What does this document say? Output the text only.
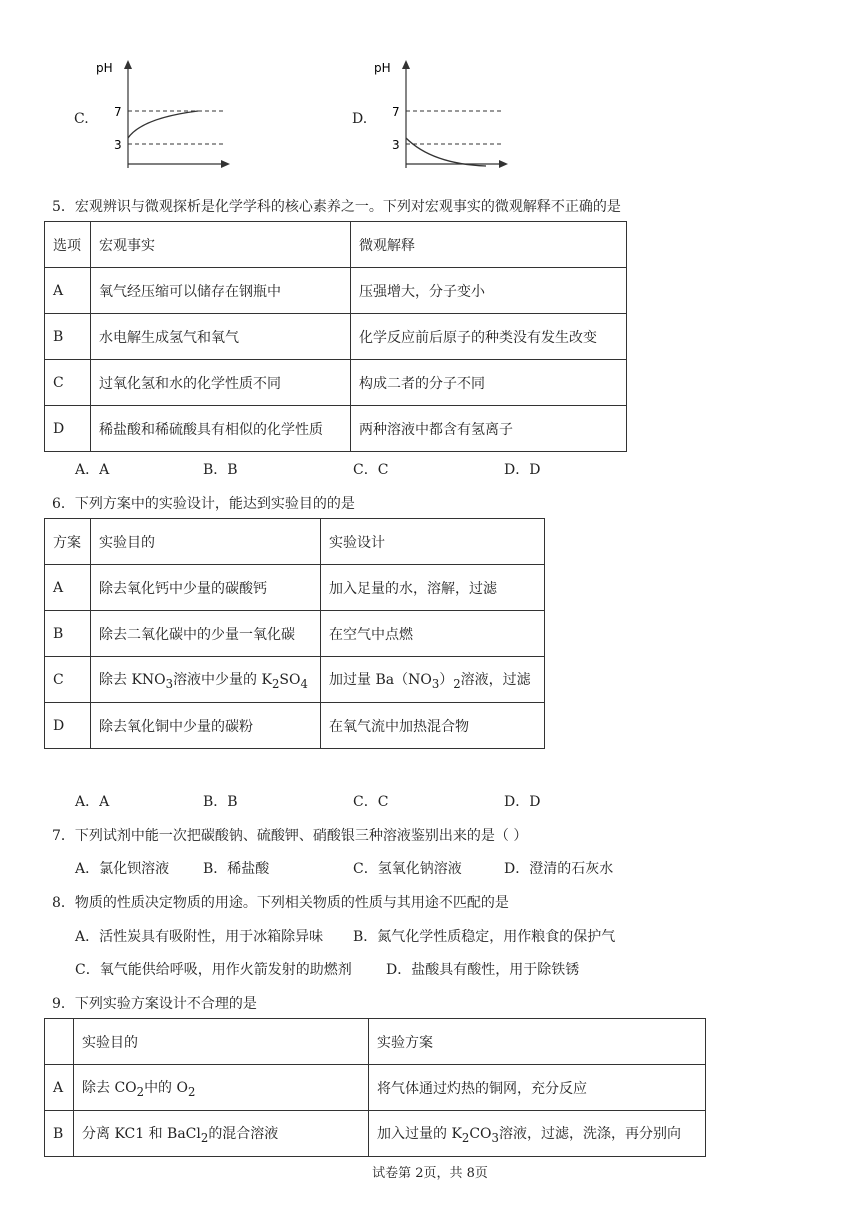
C.
pH
7
3
D.
pH
7
3
5．宏观辨识与微观探析是化学学科的核心素养之一。下列对宏观事实的微观解释不正确的是
选项	宏观事实	微观解释
A	氧气经压缩可以储存在钢瓶中	压强增大，分子变小
B	水电解生成氢气和氧气	化学反应前后原子的种类没有发生改变
C	过氧化氢和水的化学性质不同	构成二者的分子不同
D	稀盐酸和稀硫酸具有相似的化学性质	两种溶液中都含有氢离子
A．A	B．B	C．C	D．D
6．下列方案中的实验设计，能达到实验目的的是
方案	实验目的	实验设计
A	除去氧化钙中少量的碳酸钙	加入足量的水，溶解，过滤
B	除去二氧化碳中的少量一氧化碳	在空气中点燃
C	除去 $KNO_3$溶液中少量的 $K_2SO_4$	加过量 $Ba(NO_3)_2$溶液，过滤
D	除去氧化铜中少量的碳粉	在氧气流中加热混合物
A．A	B．B	C．C	D．D
7．下列试剂中能一次把碳酸钠、硫酸钾、硝酸银三种溶液鉴别出来的是（ ）
A．氯化钡溶液 B．稀盐酸	C．氢氧化钠溶液	D．澄清的石灰水
8．物质的性质决定物质的用途。下列相关物质的性质与其用途不匹配的是
A．活性炭具有吸附性，用于冰箱除异味 B．氮气化学性质稳定，用作粮食的保护气
C．氧气能供给呼吸，用作火箭发射的助燃剂 D．盐酸具有酸性，用于除铁锈
9．下列实验方案设计不合理的是
	实验目的	实验方案
A	除去 $CO_2$中的 $O_2$	将气体通过灼热的铜网，充分反应
B	分离 KC1 和 BaCl$_2$的混合溶液	加入过量的 $K_2CO_3$溶液，过滤，洗涤，再分别向
试卷第 2页，共 8页
